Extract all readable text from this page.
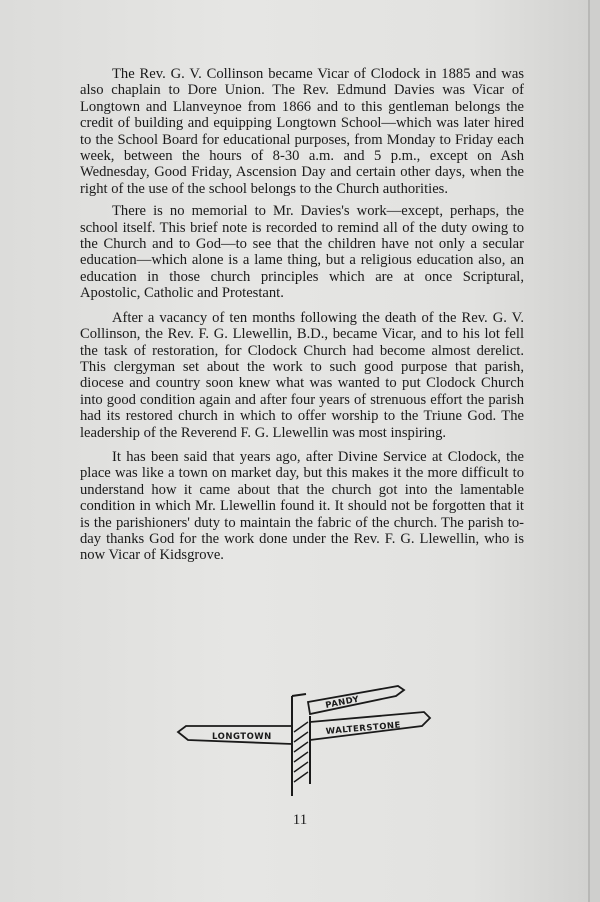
The Rev. G. V. Collinson became Vicar of Clodock in 1885 and was also chaplain to Dore Union. The Rev. Edmund Davies was Vicar of Longtown and Llanveynoe from 1866 and to this gentleman belongs the credit of building and equipping Longtown School—which was later hired to the School Board for educational purposes, from Monday to Friday each week, between the hours of 8-30 a.m. and 5 p.m., except on Ash Wednesday, Good Friday, Ascension Day and certain other days, when the right of the use of the school belongs to the Church authorities.

There is no memorial to Mr. Davies's work—except, perhaps, the school itself. This brief note is recorded to remind all of the duty owing to the Church and to God—to see that the children have not only a secular education—which alone is a lame thing, but a religious education also, an education in those church principles which are at once Scriptural, Apostolic, Catholic and Protestant.

After a vacancy of ten months following the death of the Rev. G. V. Collinson, the Rev. F. G. Llewellin, B.D., became Vicar, and to his lot fell the task of restoration, for Clodock Church had become almost derelict. This clergyman set about the work to such good purpose that parish, diocese and country soon knew what was wanted to put Clodock Church into good condition again and after four years of strenuous effort the parish had its restored church in which to offer worship to the Triune God. The leadership of the Reverend F. G. Llewellin was most inspiring.

It has been said that years ago, after Divine Service at Clodock, the place was like a town on market day, but this makes it the more difficult to understand how it came about that the church got into the lamentable condition in which Mr. Llewellin found it. It should not be forgotten that it is the parishioners' duty to maintain the fabric of the church. The parish to-day thanks God for the work done under the Rev. F. G. Llewellin, who is now Vicar of Kidsgrove.

PANDY
WALTERSTONE
LONGTOWN
11
